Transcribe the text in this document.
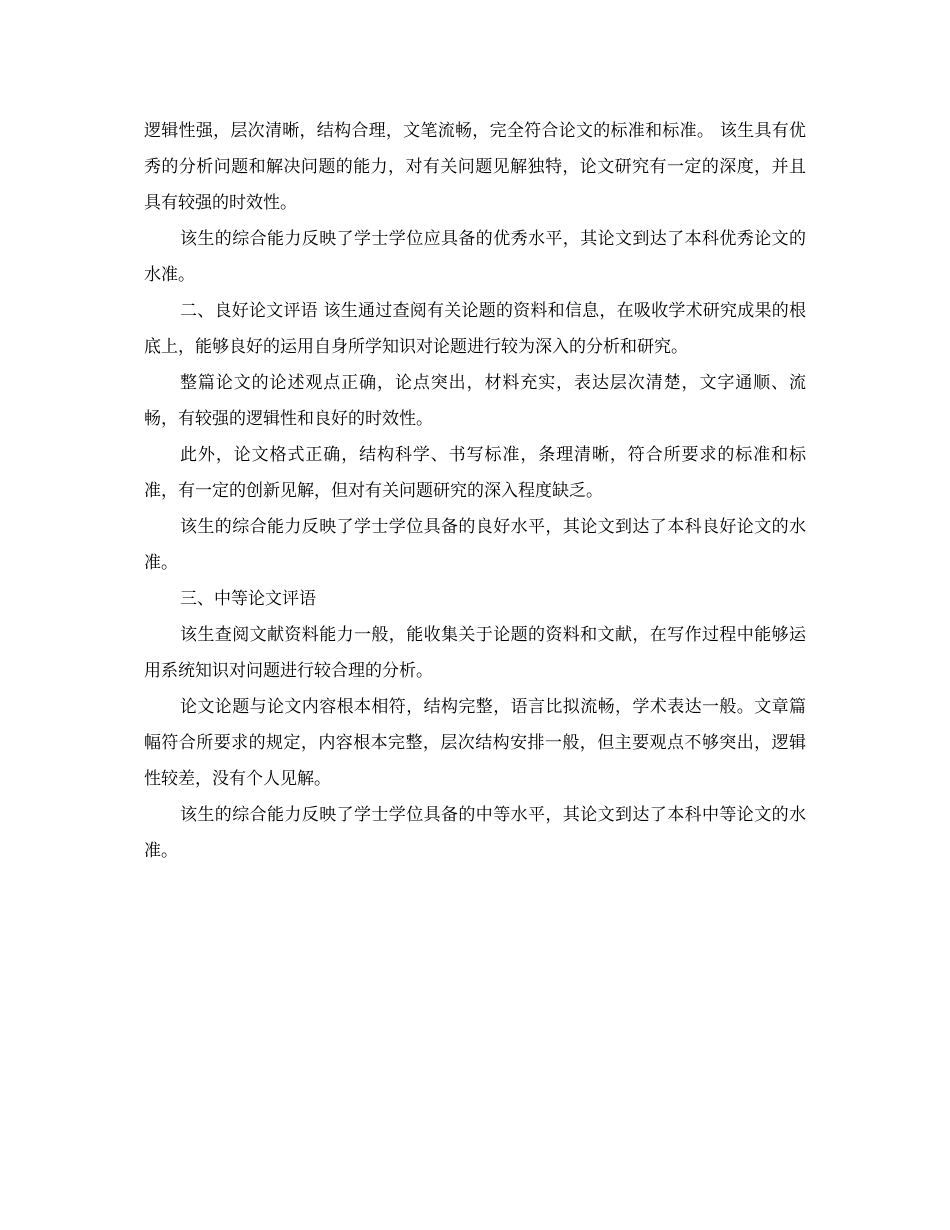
逻辑性强，层次清晰，结构合理，文笔流畅，完全符合论文的标准和标准。 该生具有优秀的分析问题和解决问题的能力，对有关问题见解独特，论文研究有一定的深度，并且具有较强的时效性。

该生的综合能力反映了学士学位应具备的优秀水平，其论文到达了本科优秀论文的水准。

二、良好论文评语 该生通过查阅有关论题的资料和信息，在吸收学术研究成果的根底上，能够良好的运用自身所学知识对论题进行较为深入的分析和研究。

整篇论文的论述观点正确，论点突出，材料充实，表达层次清楚，文字通顺、流畅，有较强的逻辑性和良好的时效性。

此外，论文格式正确，结构科学、书写标准，条理清晰，符合所要求的标准和标准，有一定的创新见解，但对有关问题研究的深入程度缺乏。

该生的综合能力反映了学士学位具备的良好水平，其论文到达了本科良好论文的水准。

三、中等论文评语

该生查阅文献资料能力一般，能收集关于论题的资料和文献，在写作过程中能够运用系统知识对问题进行较合理的分析。

论文论题与论文内容根本相符，结构完整，语言比拟流畅，学术表达一般。文章篇幅符合所要求的规定，内容根本完整，层次结构安排一般，但主要观点不够突出，逻辑性较差，没有个人见解。

该生的综合能力反映了学士学位具备的中等水平，其论文到达了本科中等论文的水准。
